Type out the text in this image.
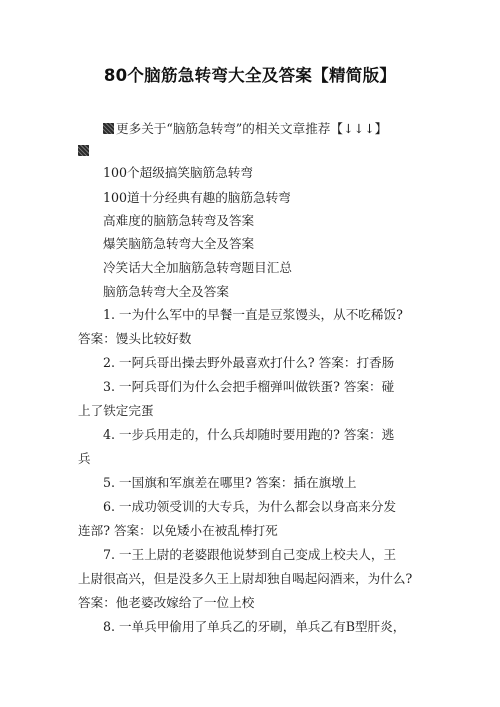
80个脑筋急转弯大全及答案【精简版】
更多关于“脑筋急转弯”的相关文章推荐【↓↓↓】
100个超级搞笑脑筋急转弯
100道十分经典有趣的脑筋急转弯
高难度的脑筋急转弯及答案
爆笑脑筋急转弯大全及答案
冷笑话大全加脑筋急转弯题目汇总
脑筋急转弯大全及答案
1. 一为什么军中的早餐一直是豆浆馒头，从不吃稀饭?
答案：馒头比较好数
2. 一阿兵哥出操去野外最喜欢打什么? 答案：打香肠
3. 一阿兵哥们为什么会把手榴弹叫做铁蛋? 答案：碰
上了铁定完蛋
4. 一步兵用走的，什么兵却随时要用跑的? 答案：逃
兵
5. 一国旗和军旗差在哪里? 答案：插在旗墩上
6. 一成功领受训的大专兵，为什么都会以身高来分发
连部? 答案：以免矮小在被乱棒打死
7. 一王上尉的老婆跟他说梦到自己变成上校夫人，王
上尉很高兴，但是没多久王上尉却独自喝起闷酒来，为什么?
答案：他老婆改嫁给了一位上校
8. 一单兵甲偷用了单兵乙的牙刷，单兵乙有B型肝炎，
